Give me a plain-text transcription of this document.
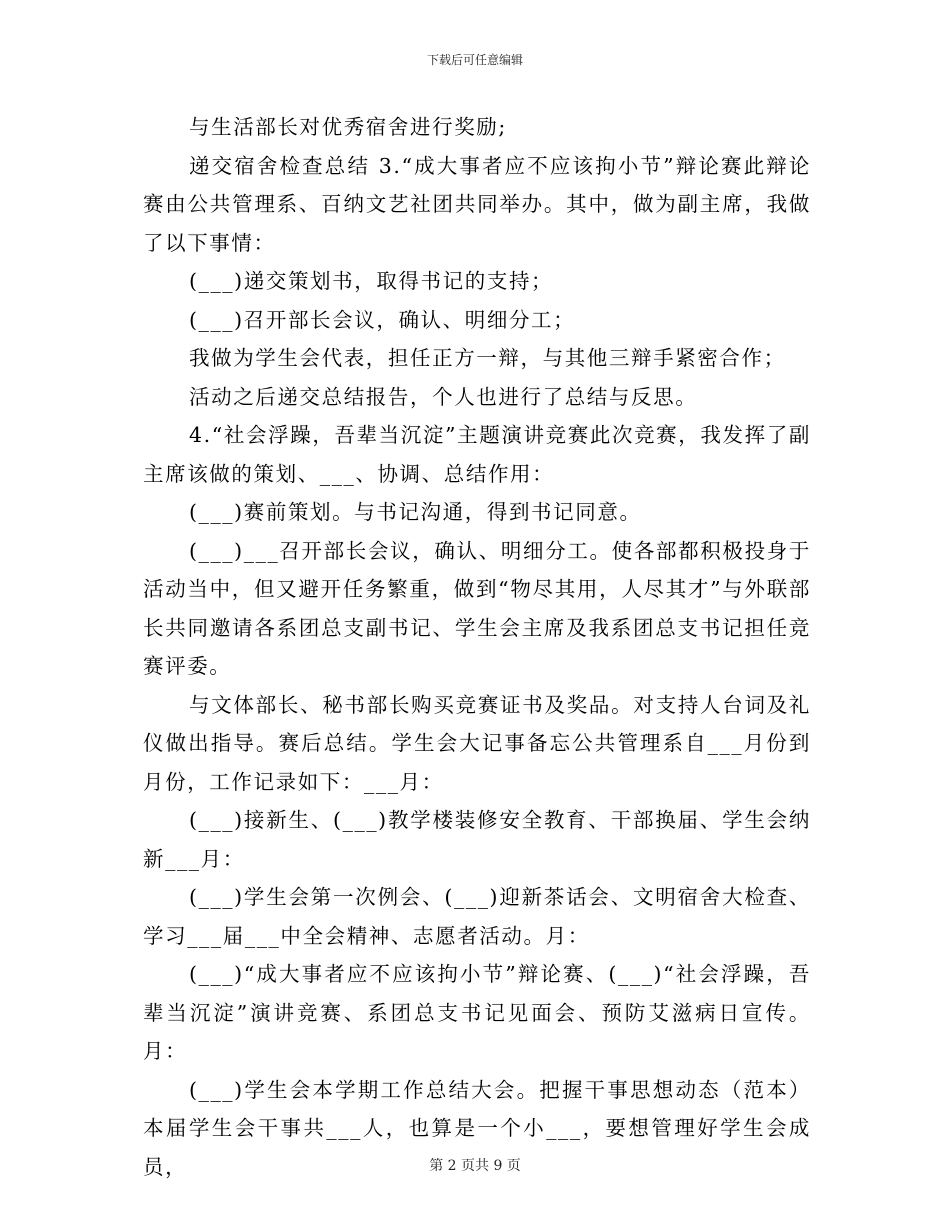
下载后可任意编辑

与生活部长对优秀宿舍进行奖励;

递交宿舍检查总结 3.“成大事者应不应该拘小节”辩论赛此辩论赛由公共管理系、百纳文艺社团共同举办。其中，做为副主席，我做了以下事情：

(___)递交策划书，取得书记的支持；

(___)召开部长会议，确认、明细分工；

我做为学生会代表，担任正方一辩，与其他三辩手紧密合作；

活动之后递交总结报告，个人也进行了总结与反思。

4.“社会浮躁，吾辈当沉淀”主题演讲竞赛此次竞赛，我发挥了副主席该做的策划、___、协调、总结作用：

(___)赛前策划。与书记沟通，得到书记同意。

(___)___召开部长会议，确认、明细分工。使各部都积极投身于活动当中，但又避开任务繁重，做到“物尽其用，人尽其才”与外联部长共同邀请各系团总支副书记、学生会主席及我系团总支书记担任竞赛评委。

与文体部长、秘书部长购买竞赛证书及奖品。对支持人台词及礼仪做出指导。赛后总结。学生会大记事备忘公共管理系自___月份到月份，工作记录如下：___月：

(___)接新生、(___)教学楼装修安全教育、干部换届、学生会纳新___月：

(___)学生会第一次例会、(___)迎新茶话会、文明宿舍大检查、学习___届___中全会精神、志愿者活动。月：

(___)“成大事者应不应该拘小节”辩论赛、(___)“社会浮躁，吾辈当沉淀”演讲竞赛、系团总支书记见面会、预防艾滋病日宣传。月：

(___)学生会本学期工作总结大会。把握干事思想动态（范本）本届学生会干事共___人，也算是一个小___，要想管理好学生会成员，	第 2 页共 9 页
